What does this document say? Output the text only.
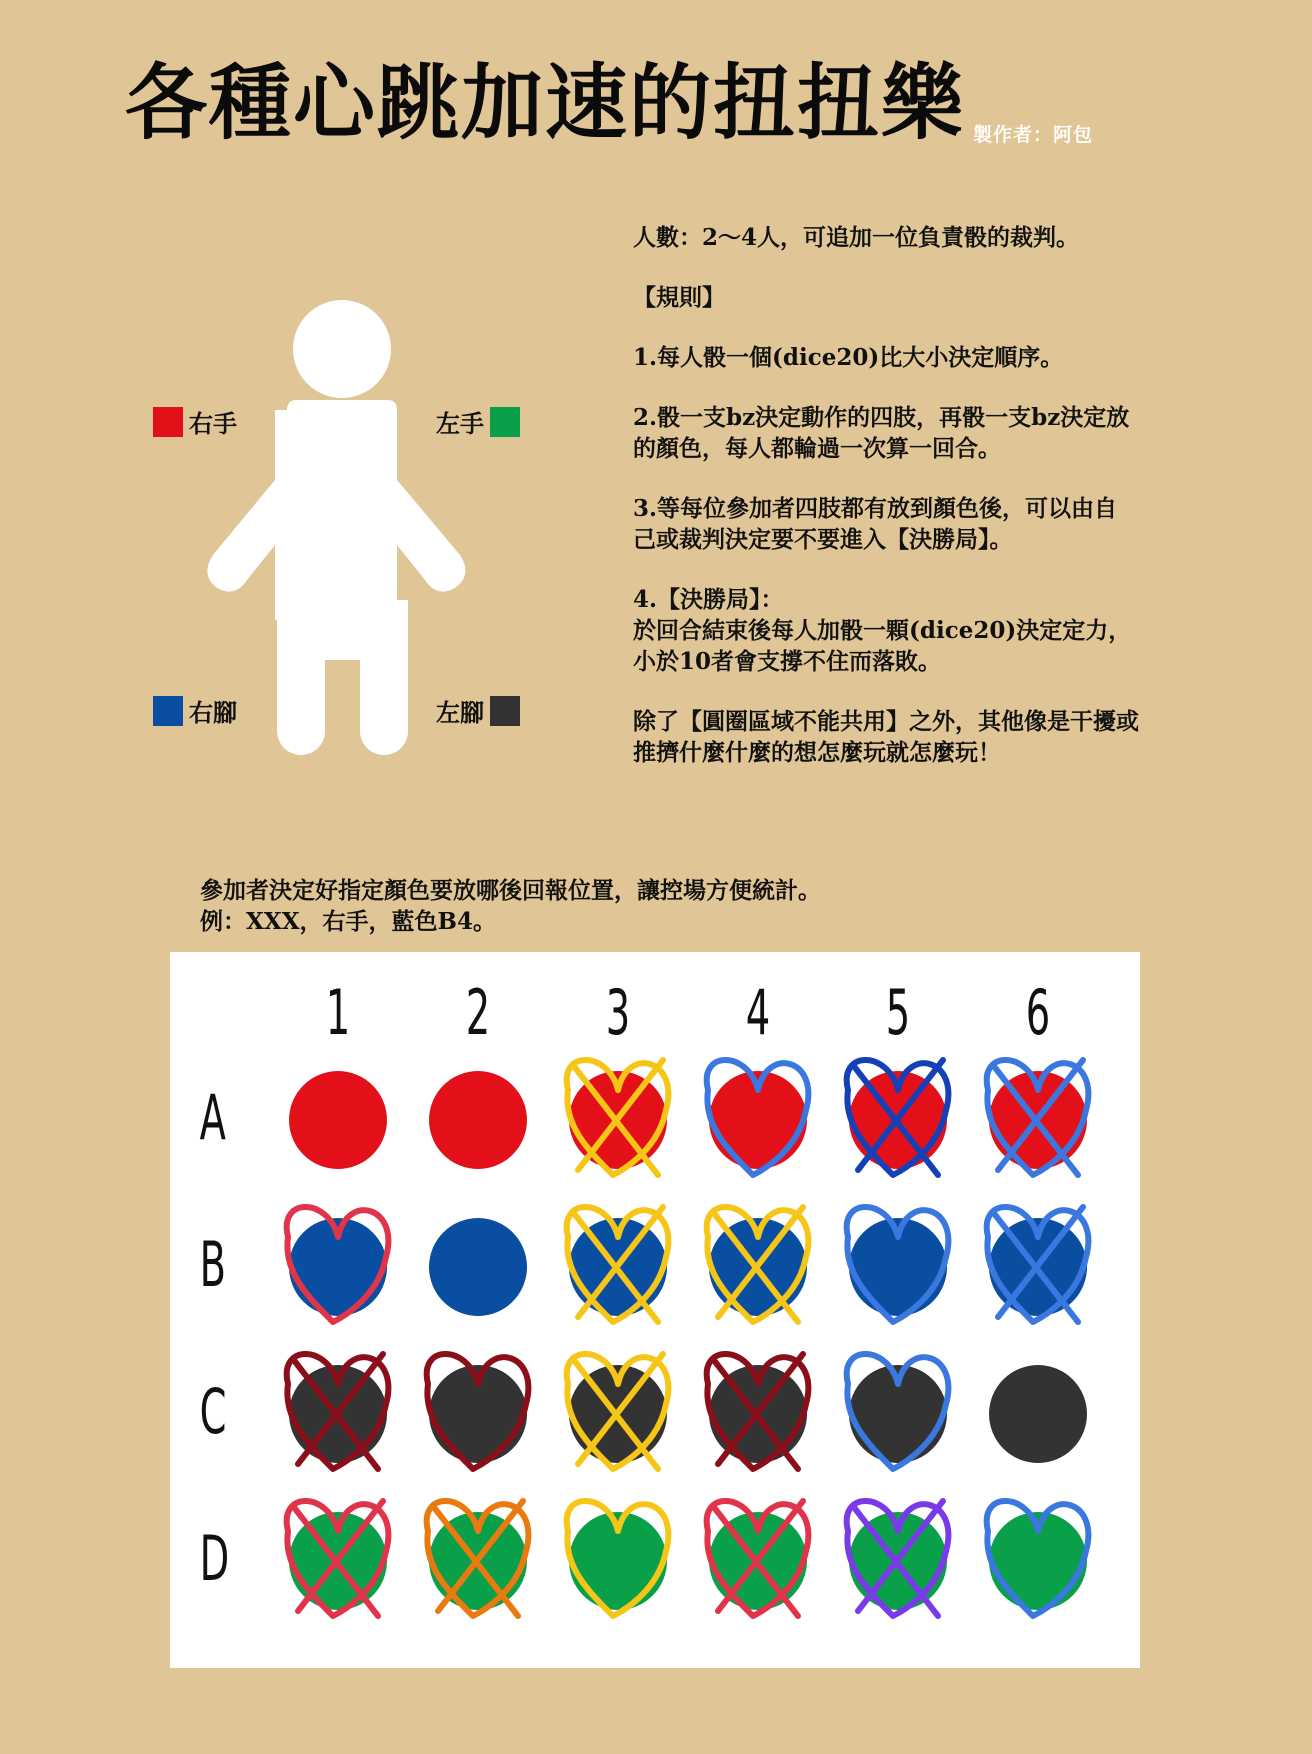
各種心跳加速的扭扭樂 製作者：阿包
右手	左手
右腳	左腳

人數：2～4人，可追加一位負責骰的裁判。

【規則】

1.每人骰一個(dice20)比大小決定順序。

2.骰一支bz決定動作的四肢，再骰一支bz決定放
的顏色，每人都輪過一次算一回合。

3.等每位參加者四肢都有放到顏色後，可以由自
己或裁判決定要不要進入【決勝局】。

4.【決勝局】：
於回合結束後每人加骰一顆(dice20)決定定力，
小於10者會支撐不住而落敗。

除了【圓圈區域不能共用】之外，其他像是干擾或
推擠什麼什麼的想怎麼玩就怎麼玩！

參加者決定好指定顏色要放哪後回報位置，讓控場方便統計。
例：XXX，右手，藍色B4。
1 2 3 4 5 6
A
B
C
D
